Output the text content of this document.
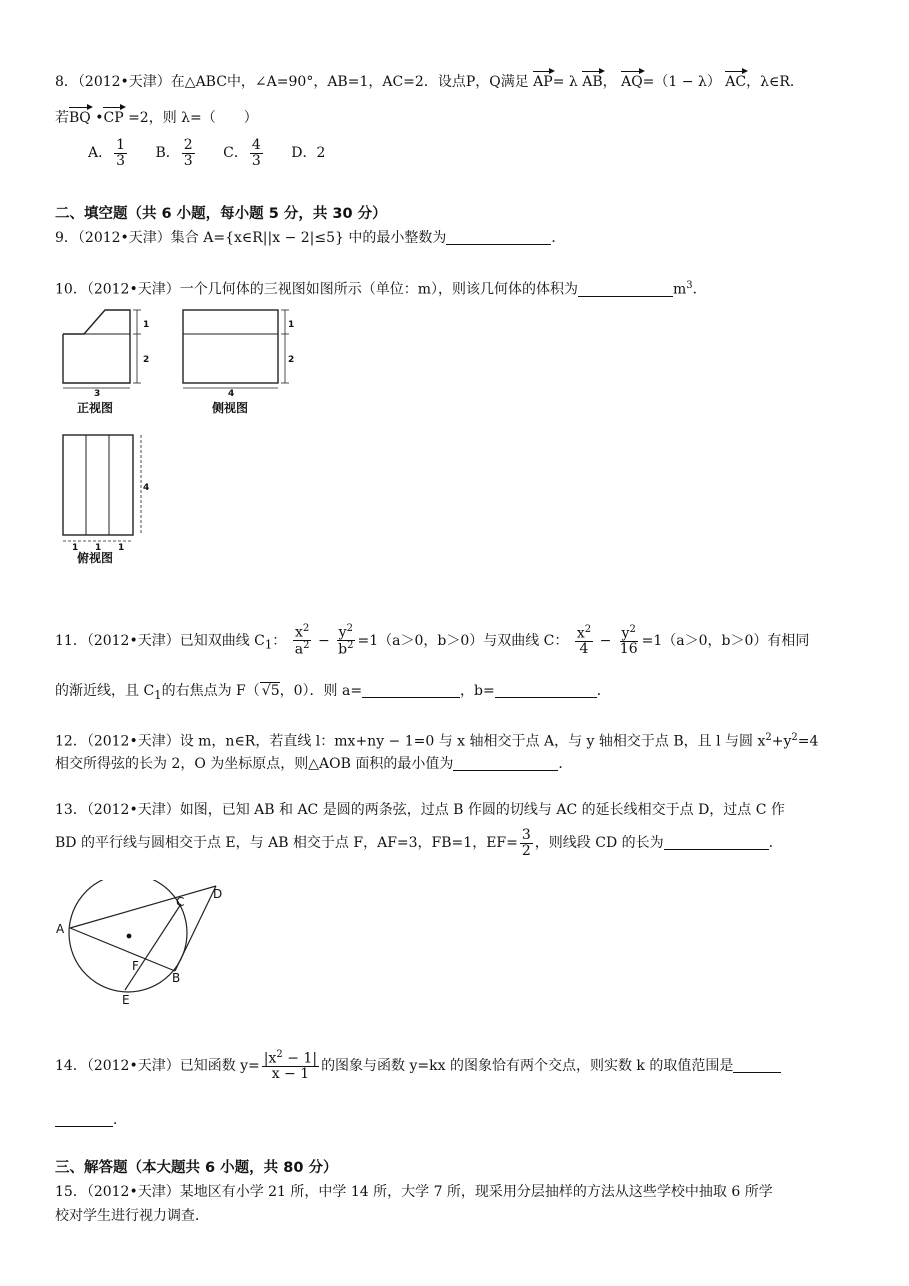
8．（2012•天津）在△ABC中，∠A=90°，AB=1，AC=2．设点P，Q满足 AP= λ AB， AQ=（1 − λ） AC，λ∈R．
若BQ •CP =2，则 λ=（　　）
A． $\frac{1}{3}$ B． $\frac{2}{3}$ C． $\frac{4}{3}$ D．2
二、填空题（共 6 小题，每小题 5 分，共 30 分）
9．（2012•天津）集合 A={x∈R||x − 2|≤5} 中的最小整数为	．
10．（2012•天津）一个几何体的三视图如图所示（单位：m），则该几何体的体积为	$m^3$．
3
1
2
4
1
2
4
1 1 1
正视图	侧视图
俯视图
11．（2012•天津）已知双曲线 $C_1$： $\frac{x^2}{a^2} - \frac{y^2}{b^2} =1(a>0$，b＞0）与双曲线 C： $\frac{x^2}{4} - \frac{y^2}{16} =1(a>0$，b＞0）有相同
的渐近线，且 $C_1$的右焦点为 F（ √5，0）．则 a=	，b=	．
12．（2012•天津）设 m，n∈R，若直线 l：mx+ny − 1=0 与 x 轴相交于点 A，与 y 轴相交于点 B，且 l 与圆 $x^2+y^2=4$
相交所得弦的长为 2，O 为坐标原点，则△AOB 面积的最小值为	．
13．（2012•天津）如图，已知 AB 和 AC 是圆的两条弦，过点 B 作圆的切线与 AC 的延长线相交于点 D，过点 C 作
BD 的平行线与圆相交于点 E，与 AB 相交于点 F，AF=3，FB=1，$EF= \frac{3}{2}$ ，则线段 CD 的长为	．
A
C
D
F
B
E
14．（2012•天津）已知函数 $y= \frac{|x^2 - 1|}{x - 1}$ 的图象与函数 y=kx 的图象恰有两个交点，则实数 k 的取值范围是
．
三、解答题（本大题共 6 小题，共 80 分）
15．（2012•天津）某地区有小学 21 所，中学 14 所，大学 7 所，现采用分层抽样的方法从这些学校中抽取 6 所学
校对学生进行视力调查．
